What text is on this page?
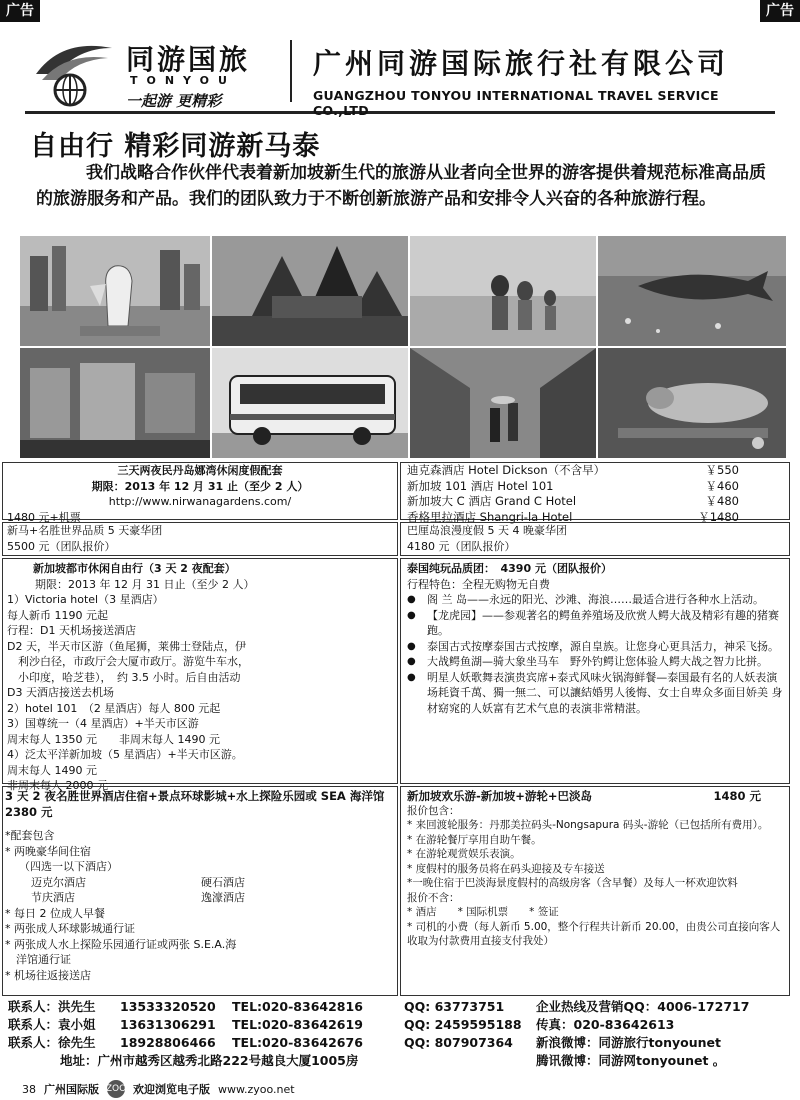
广告	广告
同游国旅
TONYOU
一起游 更精彩
广州同游国际旅行社有限公司
GUANGZHOU TONYOU INTERNATIONAL TRAVEL SERVICE CO.,LTD
自由行 精彩同游新马泰
我们战略合作伙伴代表着新加坡新生代的旅游从业者向全世界的游客提供着规范标准高品质的旅游服务和产品。我们的团队致力于不断创新旅游产品和安排令人兴奋的各种旅游行程。
三天两夜民丹岛娜湾休闲度假配套
期限：2013 年 12 月 31 止（至少 2 人）
http://www.nirwanagardens.com/
1480 元+机票
迪克森酒店 Hotel Dickson（不含早）	￥550
新加坡 101 酒店 Hotel 101	￥460
新加坡大 C 酒店 Grand C Hotel	￥480
香格里拉酒店 Shangri-la Hotel	￥1480
新马+名胜世界品质 5 天豪华团
5500 元（团队报价）
巴厘岛浪漫度假 5 天 4 晚豪华团
4180 元（团队报价）
新加坡都市休闲自由行（3 天 2 夜配套）
期限：2013 年 12 月 31 日止（至少 2 人）
1）Victoria hotel（3 星酒店）
每人新币 1190 元起
行程：D1 天机场接送酒店
D2 天，半天市区游（鱼尾狮，莱佛士登陆点，伊
　利沙白径，市政厅会大厦市政厅。游览牛车水，
　小印度，哈芝巷），　约 3.5 小时。后自由活动
D3 天酒店接送去机场
2）hotel 101　（2 星酒店）每人 800 元起
3）国尊统一（4 星酒店）+半天市区游
周末每人 1350 元　　非周末每人 1490 元
4）泛太平洋新加坡（5 星酒店）+半天市区游。
周末每人 1490 元
非周末每人 2000 元
泰国纯玩品质团：　 4390 元（团队报价）
行程特色：全程无购物无自费
●	阁 兰 岛——永远的阳光、沙滩、海浪……最适合进行各种水上活动。
●	【龙虎园】——参观著名的鳄鱼养殖场及欣赏人鳄大战及精彩有趣的猪赛跑。
●	泰国古式按摩泰国古式按摩，源自皇族。让您身心更具活力，神采飞扬。
●	大战鳄鱼湖—骑大象坐马车　野外钓鳄让您体验人鳄大战之智力比拼。
●	明星人妖歌舞表演贵宾席+泰式风味火锅海鲜餐—泰国最有名的人妖表演场耗資千萬、獨一無二、可以讓結婚男人後悔、女士自卑众多面目娇美 身材窈窕的人妖富有艺术气息的表演非常精湛。
3 天 2 夜名胜世界酒店住宿+景点环球影城+水上探险乐园或 SEA 海洋馆　　　　2380 元
*配套包含
* 两晚豪华间住宿
（四选一以下酒店）
迈克尔酒店	硬石酒店
节庆酒店	逸濠酒店
* 每日 2 位成人早餐
* 两张成人环球影城通行证
* 两张成人水上探险乐园通行证或两张 S.E.A.海
　洋馆通行证
* 机场往返接送店
新加坡欢乐游-新加坡+游轮+巴淡岛	1480 元
报价包含：
* 来回渡轮服务：丹那美拉码头-Nongsapura 码头-游轮（已包括所有费用）。
* 在游轮餐厅享用自助午餐。
* 在游轮观赏娱乐表演。
* 度假村的服务员将在码头迎接及专车接送
*一晚住宿于巴淡海景度假村的高级房客（含早餐）及每人一杯欢迎饮料
报价不含：
* 酒店　　* 国际机票　　* 签证
* 司机的小费（每人新币 5.00，整个行程共计新币 20.00，由贵公司直接向客人收取为付款费用直接支付我处）
联系人：洪先生	13533320520	TEL:020-83642816	QQ: 63773751
联系人：袁小姐	13631306291	TEL:020-83642619	QQ: 2459595188
联系人：徐先生	18928806466	TEL:020-83642676	QQ: 807907364
企业热线及营销QQ：4006-172717
传真：020-83642613
新浪微博：同游旅行tonyounet
腾讯微博：同游网tonyounet 。
地址：广州市越秀区越秀北路222号越良大厦1005房
38 广州国际版 ZOO 欢迎浏览电子版 www.zyoo.net
